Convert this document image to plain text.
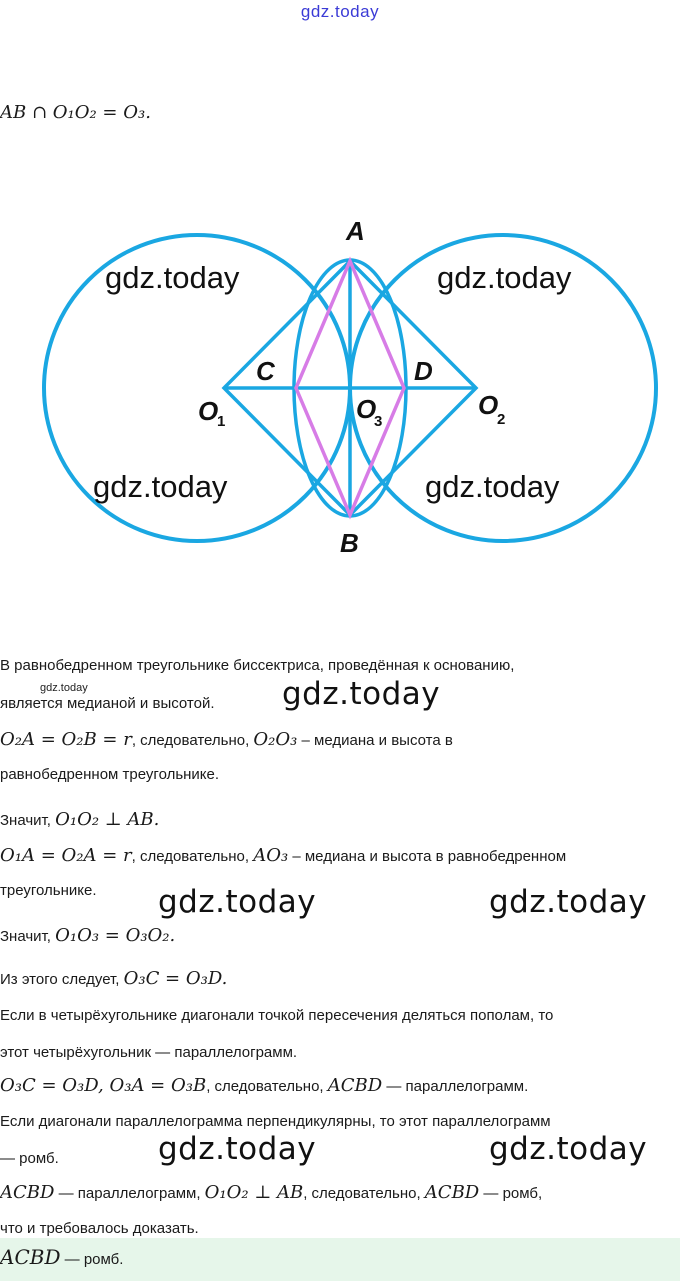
gdz.today
AB ∩ O₁O₂ = O₃.
A
B
C	D
O
1
O
2
O
3
gdz.today	gdz.today
gdz.today	gdz.today
В равнобедренном треугольнике биссектриса, проведённая к основанию,
является медианой и высотой.
gdz.today	gdz.today
O₂A = O₂B = r, следовательно, O₂O₃ – медиана и высота в
равнобедренном треугольнике.
Значит, O₁O₂ ⊥ AB.
O₁A = O₂A = r, следовательно, AO₃ – медиана и высота в равнобедренном
треугольнике. gdz.today	gdz.today
Значит, O₁O₃ = O₃O₂.
Из этого следует, O₃C = O₃D.
Если в четырёхугольнике диагонали точкой пересечения деляться пополам, то
этот четырёхугольник — параллелограмм.
O₃C = O₃D, O₃A = O₃B, следовательно, ACBD — параллелограмм.
Если диагонали параллелограмма перпендикулярны, то этот параллелограмм
— ромб.	gdz.today	gdz.today
ACBD — параллелограмм, O₁O₂ ⊥ AB, следовательно, ACBD — ромб,
что и требовалось доказать.
ACBD — ромб.
